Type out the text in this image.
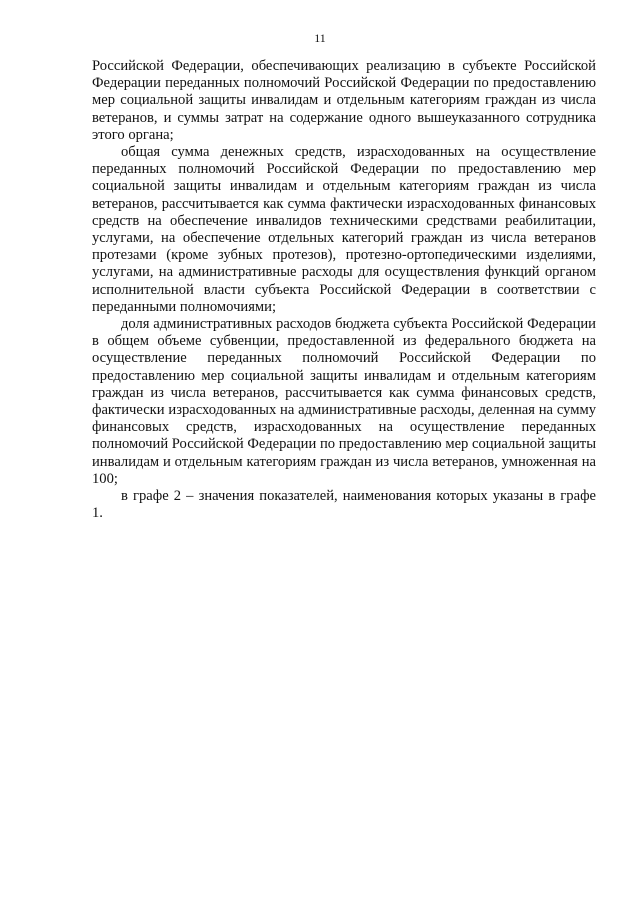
11

Российской Федерации, обеспечивающих реализацию в субъекте Российской Федерации переданных полномочий Российской Федерации по предоставлению мер социальной защиты инвалидам и отдельным категориям граждан из числа ветеранов, и суммы затрат на содержание одного вышеуказанного сотрудника этого органа;

общая сумма денежных средств, израсходованных на осуществление переданных полномочий Российской Федерации по предоставлению мер социальной защиты инвалидам и отдельным категориям граждан из числа ветеранов, рассчитывается как сумма фактически израсходованных финансовых средств на обеспечение инвалидов техническими средствами реабилитации, услугами, на обеспечение отдельных категорий граждан из числа ветеранов протезами (кроме зубных протезов), протезно-ортопедическими изделиями, услугами, на административные расходы для осуществления функций органом исполнительной власти субъекта Российской Федерации в соответствии с переданными полномочиями;

доля административных расходов бюджета субъекта Российской Федерации в общем объеме субвенции, предоставленной из федерального бюджета на осуществление переданных полномочий Российской Федерации по предоставлению мер социальной защиты инвалидам и отдельным категориям граждан из числа ветеранов, рассчитывается как сумма финансовых средств, фактически израсходованных на административные расходы, деленная на сумму финансовых средств, израсходованных на осуществление переданных полномочий Российской Федерации по предоставлению мер социальной защиты инвалидам и отдельным категориям граждан из числа ветеранов, умноженная на 100;

в графе 2 – значения показателей, наименования которых указаны в графе 1.
